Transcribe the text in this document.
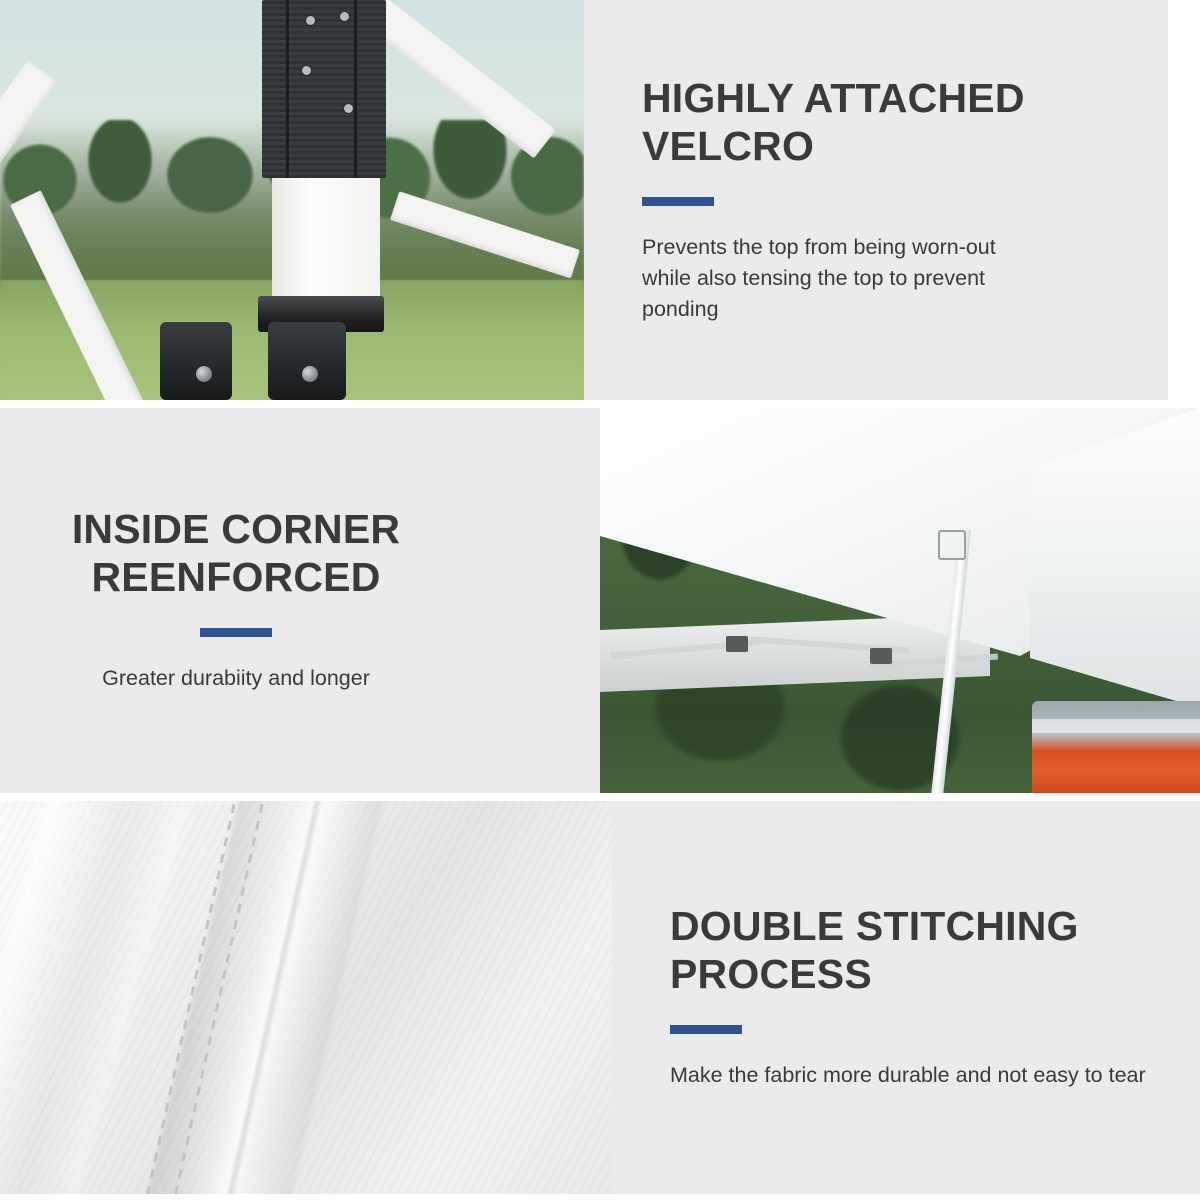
HIGHLY ATTACHED VELCRO

Prevents the top from being worn-out while also tensing the top to prevent ponding

INSIDE CORNER REENFORCED

Greater durabiity and longer

DOUBLE STITCHING PROCESS

Make the fabric more durable and not easy to tear
